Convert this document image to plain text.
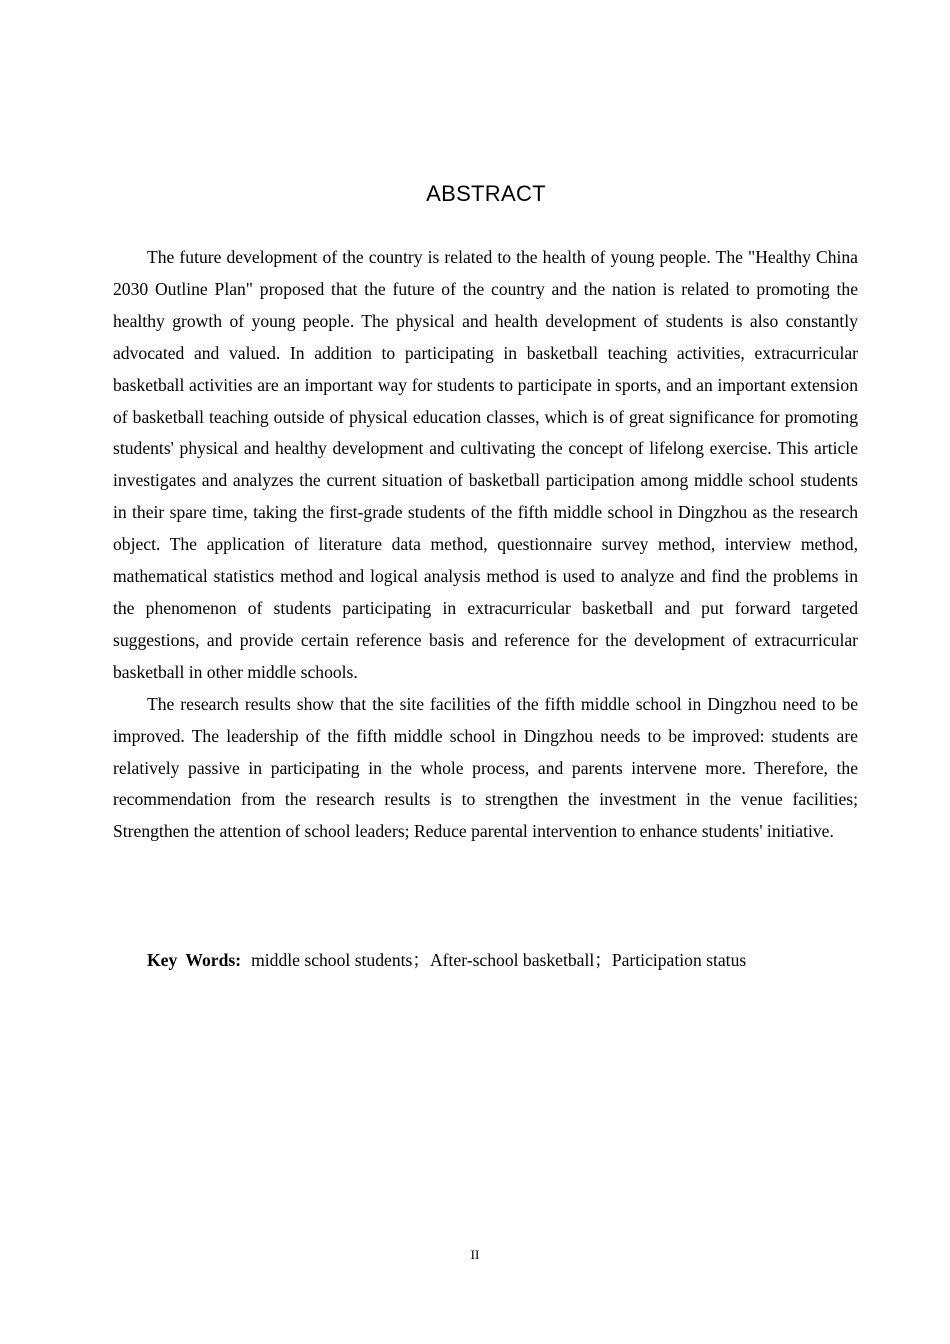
ABSTRACT

The future development of the country is related to the health of young people. The "Healthy China 2030 Outline Plan" proposed that the future of the country and the nation is related to promoting the healthy growth of young people. The physical and health development of students is also constantly advocated and valued. In addition to participating in basketball teaching activities, extracurricular basketball activities are an important way for students to participate in sports, and an important extension of basketball teaching outside of physical education classes, which is of great significance for promoting students' physical and healthy development and cultivating the concept of lifelong exercise. This article investigates and analyzes the current situation of basketball participation among middle school students in their spare time, taking the first-grade students of the fifth middle school in Dingzhou as the research object. The application of literature data method, questionnaire survey method, interview method, mathematical statistics method and logical analysis method is used to analyze and find the problems in the phenomenon of students participating in extracurricular basketball and put forward targeted suggestions, and provide certain reference basis and reference for the development of extracurricular basketball in other middle schools.

The research results show that the site facilities of the fifth middle school in Dingzhou need to be improved. The leadership of the fifth middle school in Dingzhou needs to be improved: students are relatively passive in participating in the whole process, and parents intervene more. Therefore, the recommendation from the research results is to strengthen the investment in the venue facilities; Strengthen the attention of school leaders; Reduce parental intervention to enhance students' initiative.

Key Words: middle school students；After-school basketball；Participation status
II
